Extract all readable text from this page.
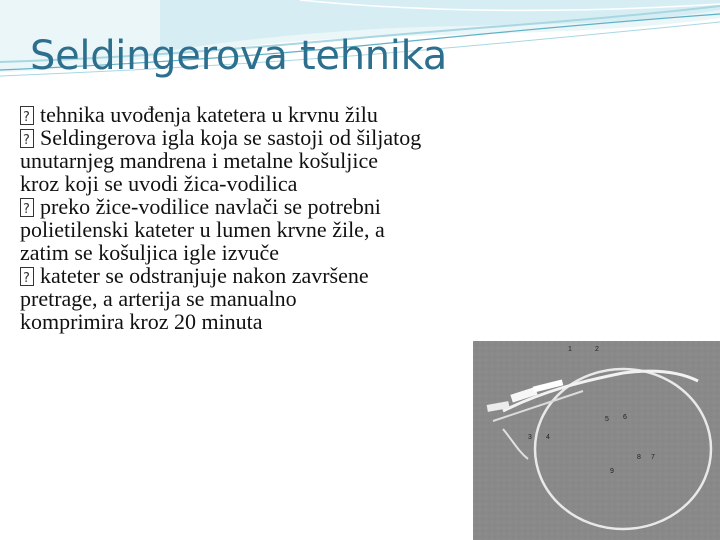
Seldingerova tehnika
?tehnika uvođenja katetera u krvnu žilu
?Seldingerova igla koja se sastoji od šiljatog

unutarnjeg mandrena i metalne košuljice
kroz koji se uvodi žica-vodilica
?preko žice-vodilice navlači se potrebni

polietilenski kateter u lumen krvne žile, a
zatim se košuljica igle izvuče
?kateter se odstranjuje nakon završene

pretrage, a arterija se manualno
komprimira kroz 20 minuta
1	2
3 4
5 6
7
8
9
